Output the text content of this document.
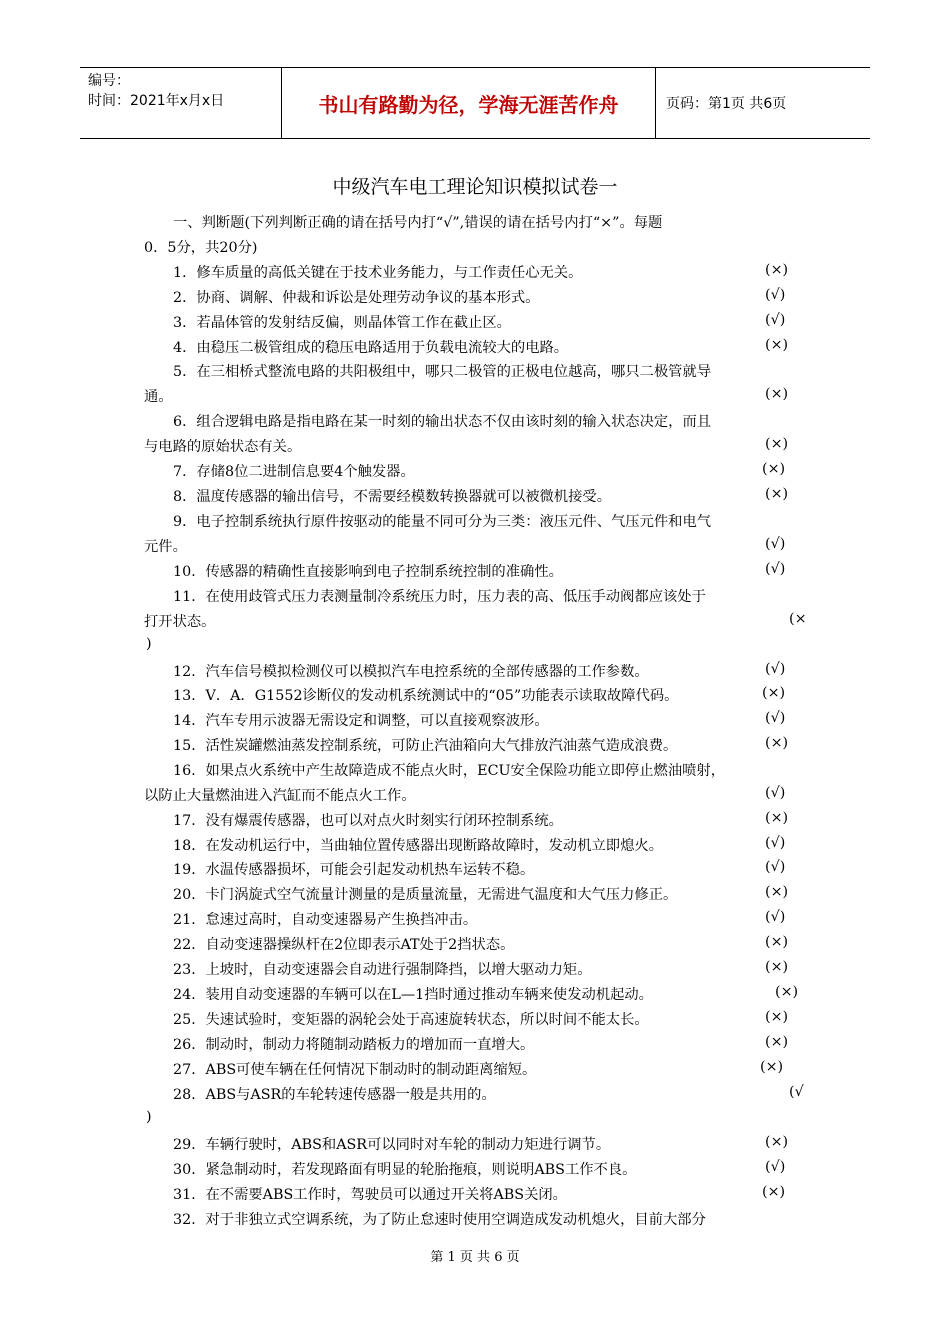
编号：
时间：2021年x月x日	书山有路勤为径，学海无涯苦作舟	页码：第1页 共6页
中级汽车电工理论知识模拟试卷一
一、判断题(下列判断正确的请在括号内打“√”,错误的请在括号内打“×”。每题
0．5分，共20分)
1．修车质量的高低关键在于技术业务能力，与工作责任心无关。	(×)
2．协商、调解、仲裁和诉讼是处理劳动争议的基本形式。	(√)
3．若晶体管的发射结反偏，则晶体管工作在截止区。	(√)
4．由稳压二极管组成的稳压电路适用于负载电流较大的电路。	(×)
5．在三相桥式整流电路的共阳极组中，哪只二极管的正极电位越高，哪只二极管就导
通。	(×)
6．组合逻辑电路是指电路在某一时刻的输出状态不仅由该时刻的输入状态决定，而且
与电路的原始状态有关。	(×)
7．存储8位二进制信息要4个触发器。	(×)
8．温度传感器的输出信号，不需要经模数转换器就可以被微机接受。	(×)
9．电子控制系统执行原件按驱动的能量不同可分为三类：液压元件、气压元件和电气
元件。	(√)
10．传感器的精确性直接影响到电子控制系统控制的准确性。	(√)
11．在使用歧管式压力表测量制冷系统压力时，压力表的高、低压手动阀都应该处于
打开状态。	(×
)
12．汽车信号模拟检测仪可以模拟汽车电控系统的全部传感器的工作参数。	(√)
13．V．A．G1552诊断仪的发动机系统测试中的“05”功能表示读取故障代码。	(×)
14．汽车专用示波器无需设定和调整，可以直接观察波形。	(√)
15．活性炭罐燃油蒸发控制系统，可防止汽油箱向大气排放汽油蒸气造成浪费。	(×)
16．如果点火系统中产生故障造成不能点火时，ECU安全保险功能立即停止燃油喷射，
以防止大量燃油进入汽缸而不能点火工作。	(√)
17．没有爆震传感器，也可以对点火时刻实行闭环控制系统。	(×)
18．在发动机运行中，当曲轴位置传感器出现断路故障时，发动机立即熄火。	(√)
19．水温传感器损坏，可能会引起发动机热车运转不稳。	(√)
20．卡门涡旋式空气流量计测量的是质量流量，无需进气温度和大气压力修正。	(×)
21．怠速过高时，自动变速器易产生换挡冲击。	(√)
22．自动变速器操纵杆在2位即表示AT处于2挡状态。	(×)
23．上坡时，自动变速器会自动进行强制降挡，以增大驱动力矩。	(×)
24．装用自动变速器的车辆可以在L—1挡时通过推动车辆来使发动机起动。	(×)
25．失速试验时，变矩器的涡轮会处于高速旋转状态，所以时间不能太长。	(×)
26．制动时，制动力将随制动踏板力的增加而一直增大。	(×)
27．ABS可使车辆在任何情况下制动时的制动距离缩短。	(×)
28．ABS与ASR的车轮转速传感器一般是共用的。	(√
)
29．车辆行驶时，ABS和ASR可以同时对车轮的制动力矩进行调节。	(×)
30．紧急制动时，若发现路面有明显的轮胎拖痕，则说明ABS工作不良。	(√)
31．在不需要ABS工作时，驾驶员可以通过开关将ABS关闭。	(×)
32．对于非独立式空调系统，为了防止怠速时使用空调造成发动机熄火，目前大部分
第 1 页 共 6 页
